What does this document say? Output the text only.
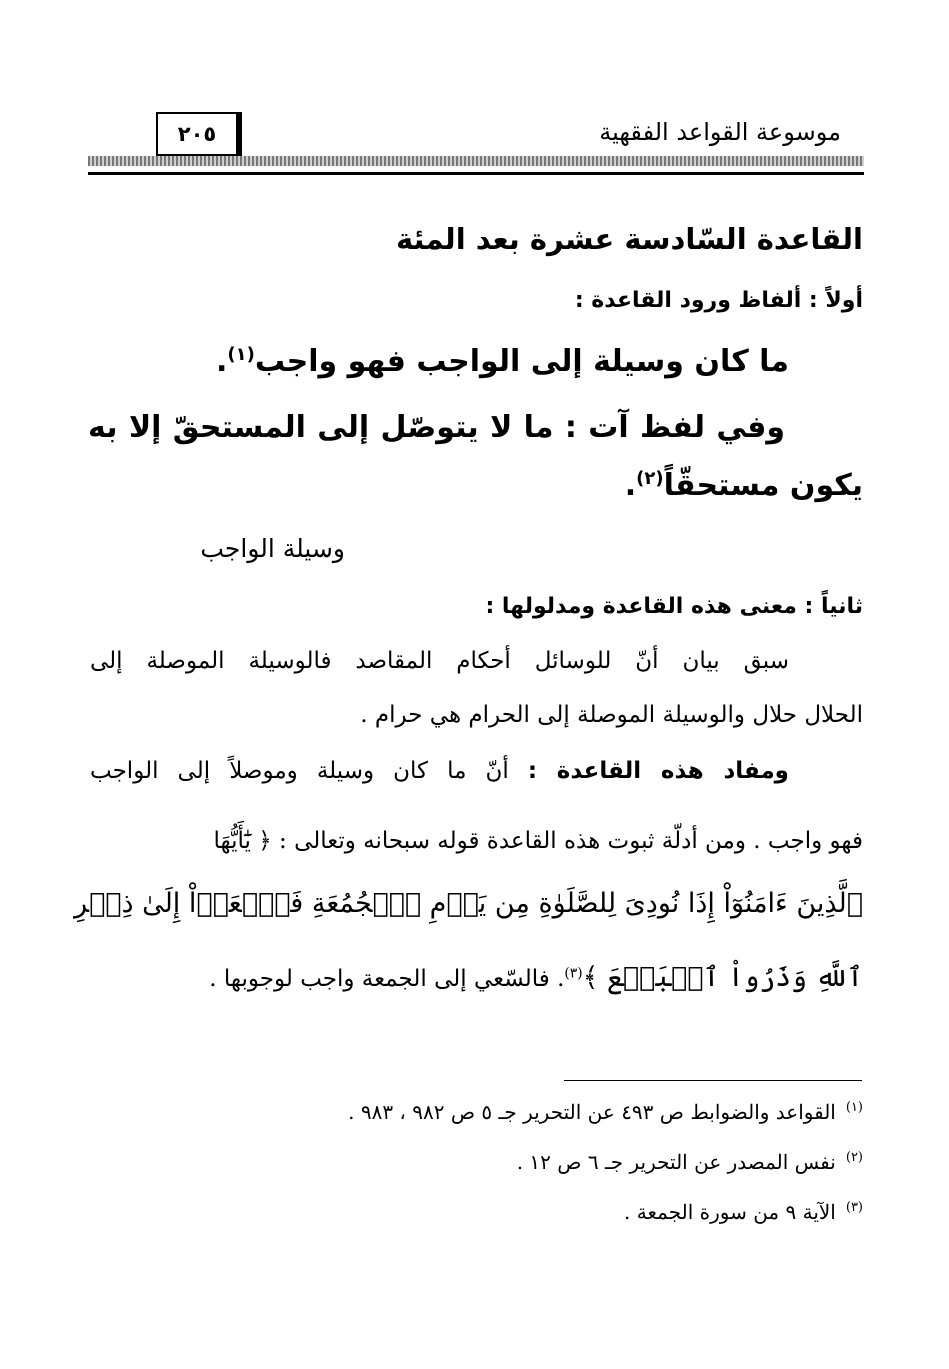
موسوعة القواعد الفقهية
٢٠٥
القاعدة السّادسة عشرة بعد المئة
أولاً : ألفاظ ورود القاعدة :
ما كان وسيلة إلى الواجب فهو واجب$^{(١)}$.
وفي لفظ آت : ما لا يتوصّل إلى المستحقّ إلا به
يكون مستحقّاً$^{(٢)}$.
وسيلة الواجب
ثانياً : معنى هذه القاعدة ومدلولها :
سبق بيان أنّ للوسائل أحكام المقاصد فالوسيلة الموصلة إلى
الحلال حلال والوسيلة الموصلة إلى الحرام هي حرام .
ومفاد هذه القاعدة : أنّ ما كان وسيلة وموصلاً إلى الواجب
فهو واجب . ومن أدلّة ثبوت هذه القاعدة قوله سبحانه وتعالى : ﴿ يَٰٓأَيُّهَا
ٱلَّذِينَ ءَامَنُوٓاْ إِذَا نُودِىَ لِلصَّلَوٰةِ مِن يَوۡمِ ٱلۡجُمُعَةِ فَٱسۡعَوۡاْ إِلَىٰ ذِكۡرِ
ٱللَّهِ وَذَرُواْ ٱلۡبَيۡعَ ﴾$^{(٣)}$. فالسّعي إلى الجمعة واجب لوجوبها .
$^{(١)}$القواعد والضوابط ص ٤٩٣ عن التحرير جـ ٥ ص ٩٨٢ ، ٩٨٣ .
$^{(٢)}$نفس المصدر عن التحرير جـ ٦ ص ١٢ .
$^{(٣)}$الآية ٩ من سورة الجمعة .
